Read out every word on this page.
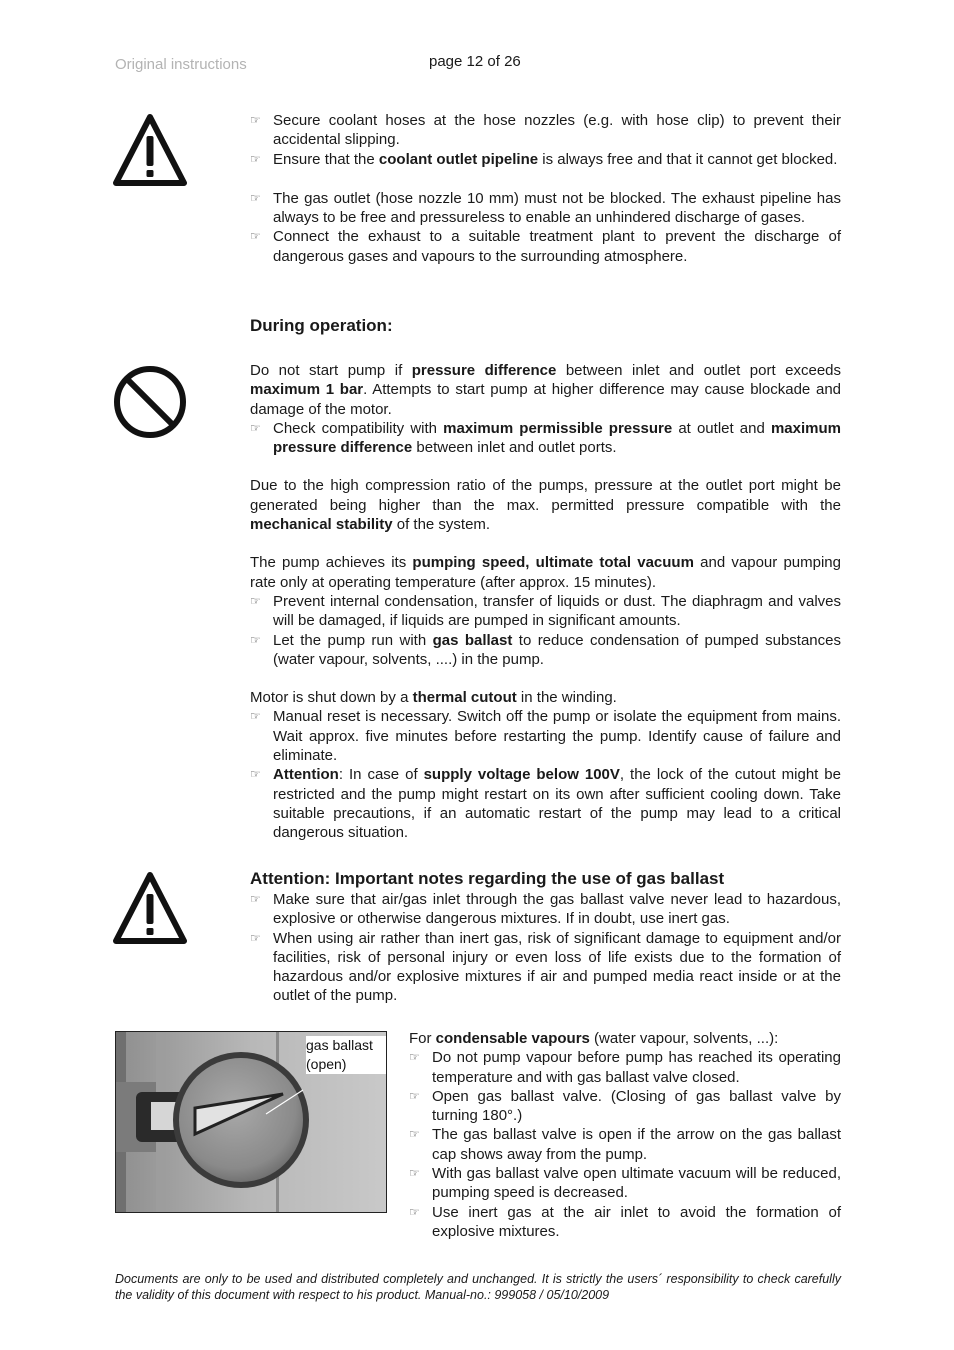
Original instructions	page 12 of 26
☞ Secure coolant hoses at the hose nozzles (e.g. with hose clip) to prevent their accidental slipping.
☞ Ensure that the coolant outlet pipeline is always free and that it cannot get blocked.
☞ The gas outlet (hose nozzle 10 mm) must not be blocked. The exhaust pipeline has always to be free and pressureless to enable an unhindered discharge of gases.
☞ Connect the exhaust to a suitable treatment plant to prevent the discharge of dangerous gases and vapours to the surrounding atmosphere.
During operation:
Do not start pump if pressure difference between inlet and outlet port exceeds maximum 1 bar. Attempts to start pump at higher difference may cause blockade and damage of the motor.
☞ Check compatibility with maximum permissible pressure at outlet and maximum pressure difference between inlet and outlet ports.
Due to the high compression ratio of the pumps, pressure at the outlet port might be generated being higher than the max. permitted pressure compatible with the mechanical stability of the system.
The pump achieves its pumping speed, ultimate total vacuum and vapour pumping rate only at operating temperature (after approx. 15 minutes).
☞ Prevent internal condensation, transfer of liquids or dust. The diaphragm and valves will be damaged, if liquids are pumped in significant amounts.
☞ Let the pump run with gas ballast to reduce condensation of pumped substances (water vapour, solvents, ....) in the pump.
Motor is shut down by a thermal cutout in the winding.
☞ Manual reset is necessary. Switch off the pump or isolate the equipment from mains. Wait approx. five minutes before restarting the pump. Identify cause of failure and eliminate.
☞ Attention: In case of supply voltage below 100V, the lock of the cutout might be restricted and the pump might restart on its own after sufficient cooling down. Take suitable precautions, if an automatic restart of the pump may lead to a critical dangerous situation.
Attention: Important notes regarding the use of gas ballast
☞ Make sure that air/gas inlet through the gas ballast valve never lead to hazardous, explosive or otherwise dangerous mixtures. If in doubt, use inert gas.
☞ When using air rather than inert gas, risk of significant damage to equipment and/or facilities, risk of personal injury or even loss of life exists due to the formation of hazardous and/or explosive mixtures if air and pumped media react inside or at the outlet of the pump.
gas ballast (open)
For condensable vapours (water vapour, solvents, ...):
☞ Do not pump vapour before pump has reached its operating temperature and with gas ballast valve closed.
☞ Open gas ballast valve. (Closing of gas ballast valve by turning 180°.)
☞ The gas ballast valve is open if the arrow on the gas ballast cap shows away from the pump.
☞ With gas ballast valve open ultimate vacuum will be reduced, pumping speed is decreased.
☞ Use inert gas at the air inlet to avoid the formation of explosive mixtures.
Documents are only to be used and distributed completely and unchanged. It is strictly the users´ responsibility to check carefully the validity of this document with respect to his product. Manual-no.: 999058 / 05/10/2009
